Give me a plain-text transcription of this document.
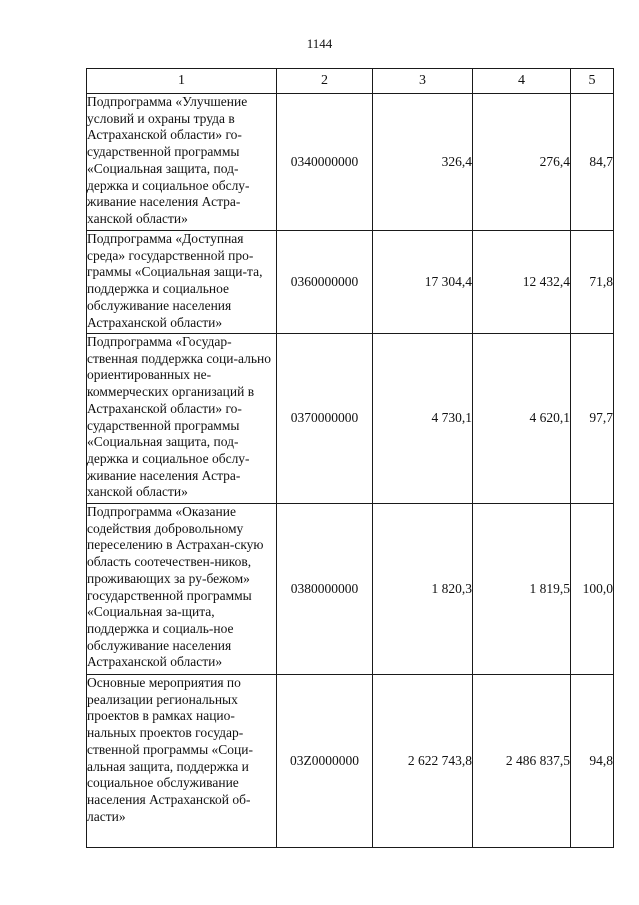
1144
1	2	3	4	5
Подпрограмма «Улучшение условий и охраны труда в Астраханской области» го-сударственной программы «Социальная защита, под-держка и социальное обслу-живание населения Астра-ханской области»	0340000000	326,4	276,4	84,7
Подпрограмма «Доступная среда» государственной про-граммы «Социальная защи-та, поддержка и социальное обслуживание населения Астраханской области»	0360000000	17 304,4	12 432,4	71,8
Подпрограмма «Государ-ственная поддержка соци-ально ориентированных не-коммерческих организаций в Астраханской области» го-сударственной программы «Социальная защита, под-держка и социальное обслу-живание населения Астра-ханской области»	0370000000	4 730,1	4 620,1	97,7
Подпрограмма «Оказание содействия добровольному переселению в Астрахан-скую область соотечествен-ников, проживающих за ру-бежом» государственной программы «Социальная за-щита, поддержка и социаль-ное обслуживание населения Астраханской области»	0380000000	1 820,3	1 819,5	100,0
Основные мероприятия по реализации региональных проектов в рамках нацио-нальных проектов государ-ственной программы «Соци-альная защита, поддержка и социальное обслуживание населения Астраханской об-ласти»	03Z0000000	2 622 743,8	2 486 837,5	94,8
